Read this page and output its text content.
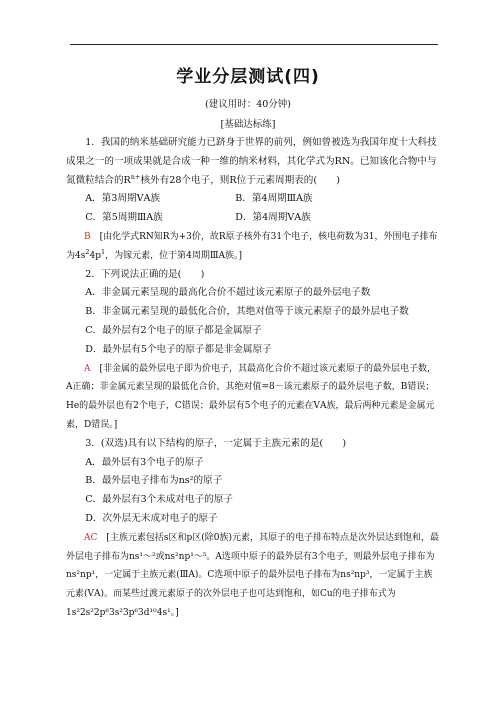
学业分层测试(四)
(建议用时：40分钟)
[基础达标练]

1．我国的纳米基础研究能力已跻身于世界的前列，例如曾被选为我国年度十大科技成果之一的一项成果就是合成一种一维的纳米材料，其化学式为RN。已知该化合物中与氮微粒结合的$R^{n+}$核外有28个电子，则R位于元素周期表的(　　)

A．第3周期ⅤA族	B．第4周期ⅢA族

C．第5周期ⅢA族	D．第4周期ⅤA族

B　 [由化学式RN知R为+3价，故R原子核外有31个电子，核电荷数为31，外围电子排布为$4s^24p^1$，为镓元素，位于第4周期ⅢA族。]

2．下列说法正确的是(　　)

A．非金属元素呈现的最高化合价不超过该元素原子的最外层电子数

B．非金属元素呈现的最低化合价，其绝对值等于该元素原子的最外层电子数

C．最外层有2个电子的原子都是金属原子

D．最外层有5个电子的原子都是非金属原子

A　 [非金属的最外层电子即为价电子，其最高化合价不超过该元素原子的最外层电子数，A正确；非金属元素呈现的最低化合价，其绝对值=8－该元素原子的最外层电子数，B错误；He的最外层也有2个电子，C错误；最外层有5个电子的元素在ⅤA族，最后两种元素是金属元素，D错误。]

3．(双选)具有以下结构的原子，一定属于主族元素的是(　　)

A．最外层有3个电子的原子

B．最外层电子排布为ns²的原子

C．最外层有3个未成对电子的原子

D．次外层无未成对电子的原子

AC　 [主族元素包括s区和p区(除0族)元素，其原子的电子排布特点是次外层达到饱和，最外层电子排布为ns¹～²或ns²np¹～⁵。A选项中原子的最外层有3个电子，则最外层电子排布为ns²np¹，一定属于主族元素(ⅢA)。C选项中原子的最外层电子排布为ns²np³，一定属于主族元素(ⅤA)。而某些过渡元素原子的次外层电子也可达到饱和，如Cu的电子排布式为1s²2s²2p⁶3s²3p⁶3d¹⁰4s¹。]
